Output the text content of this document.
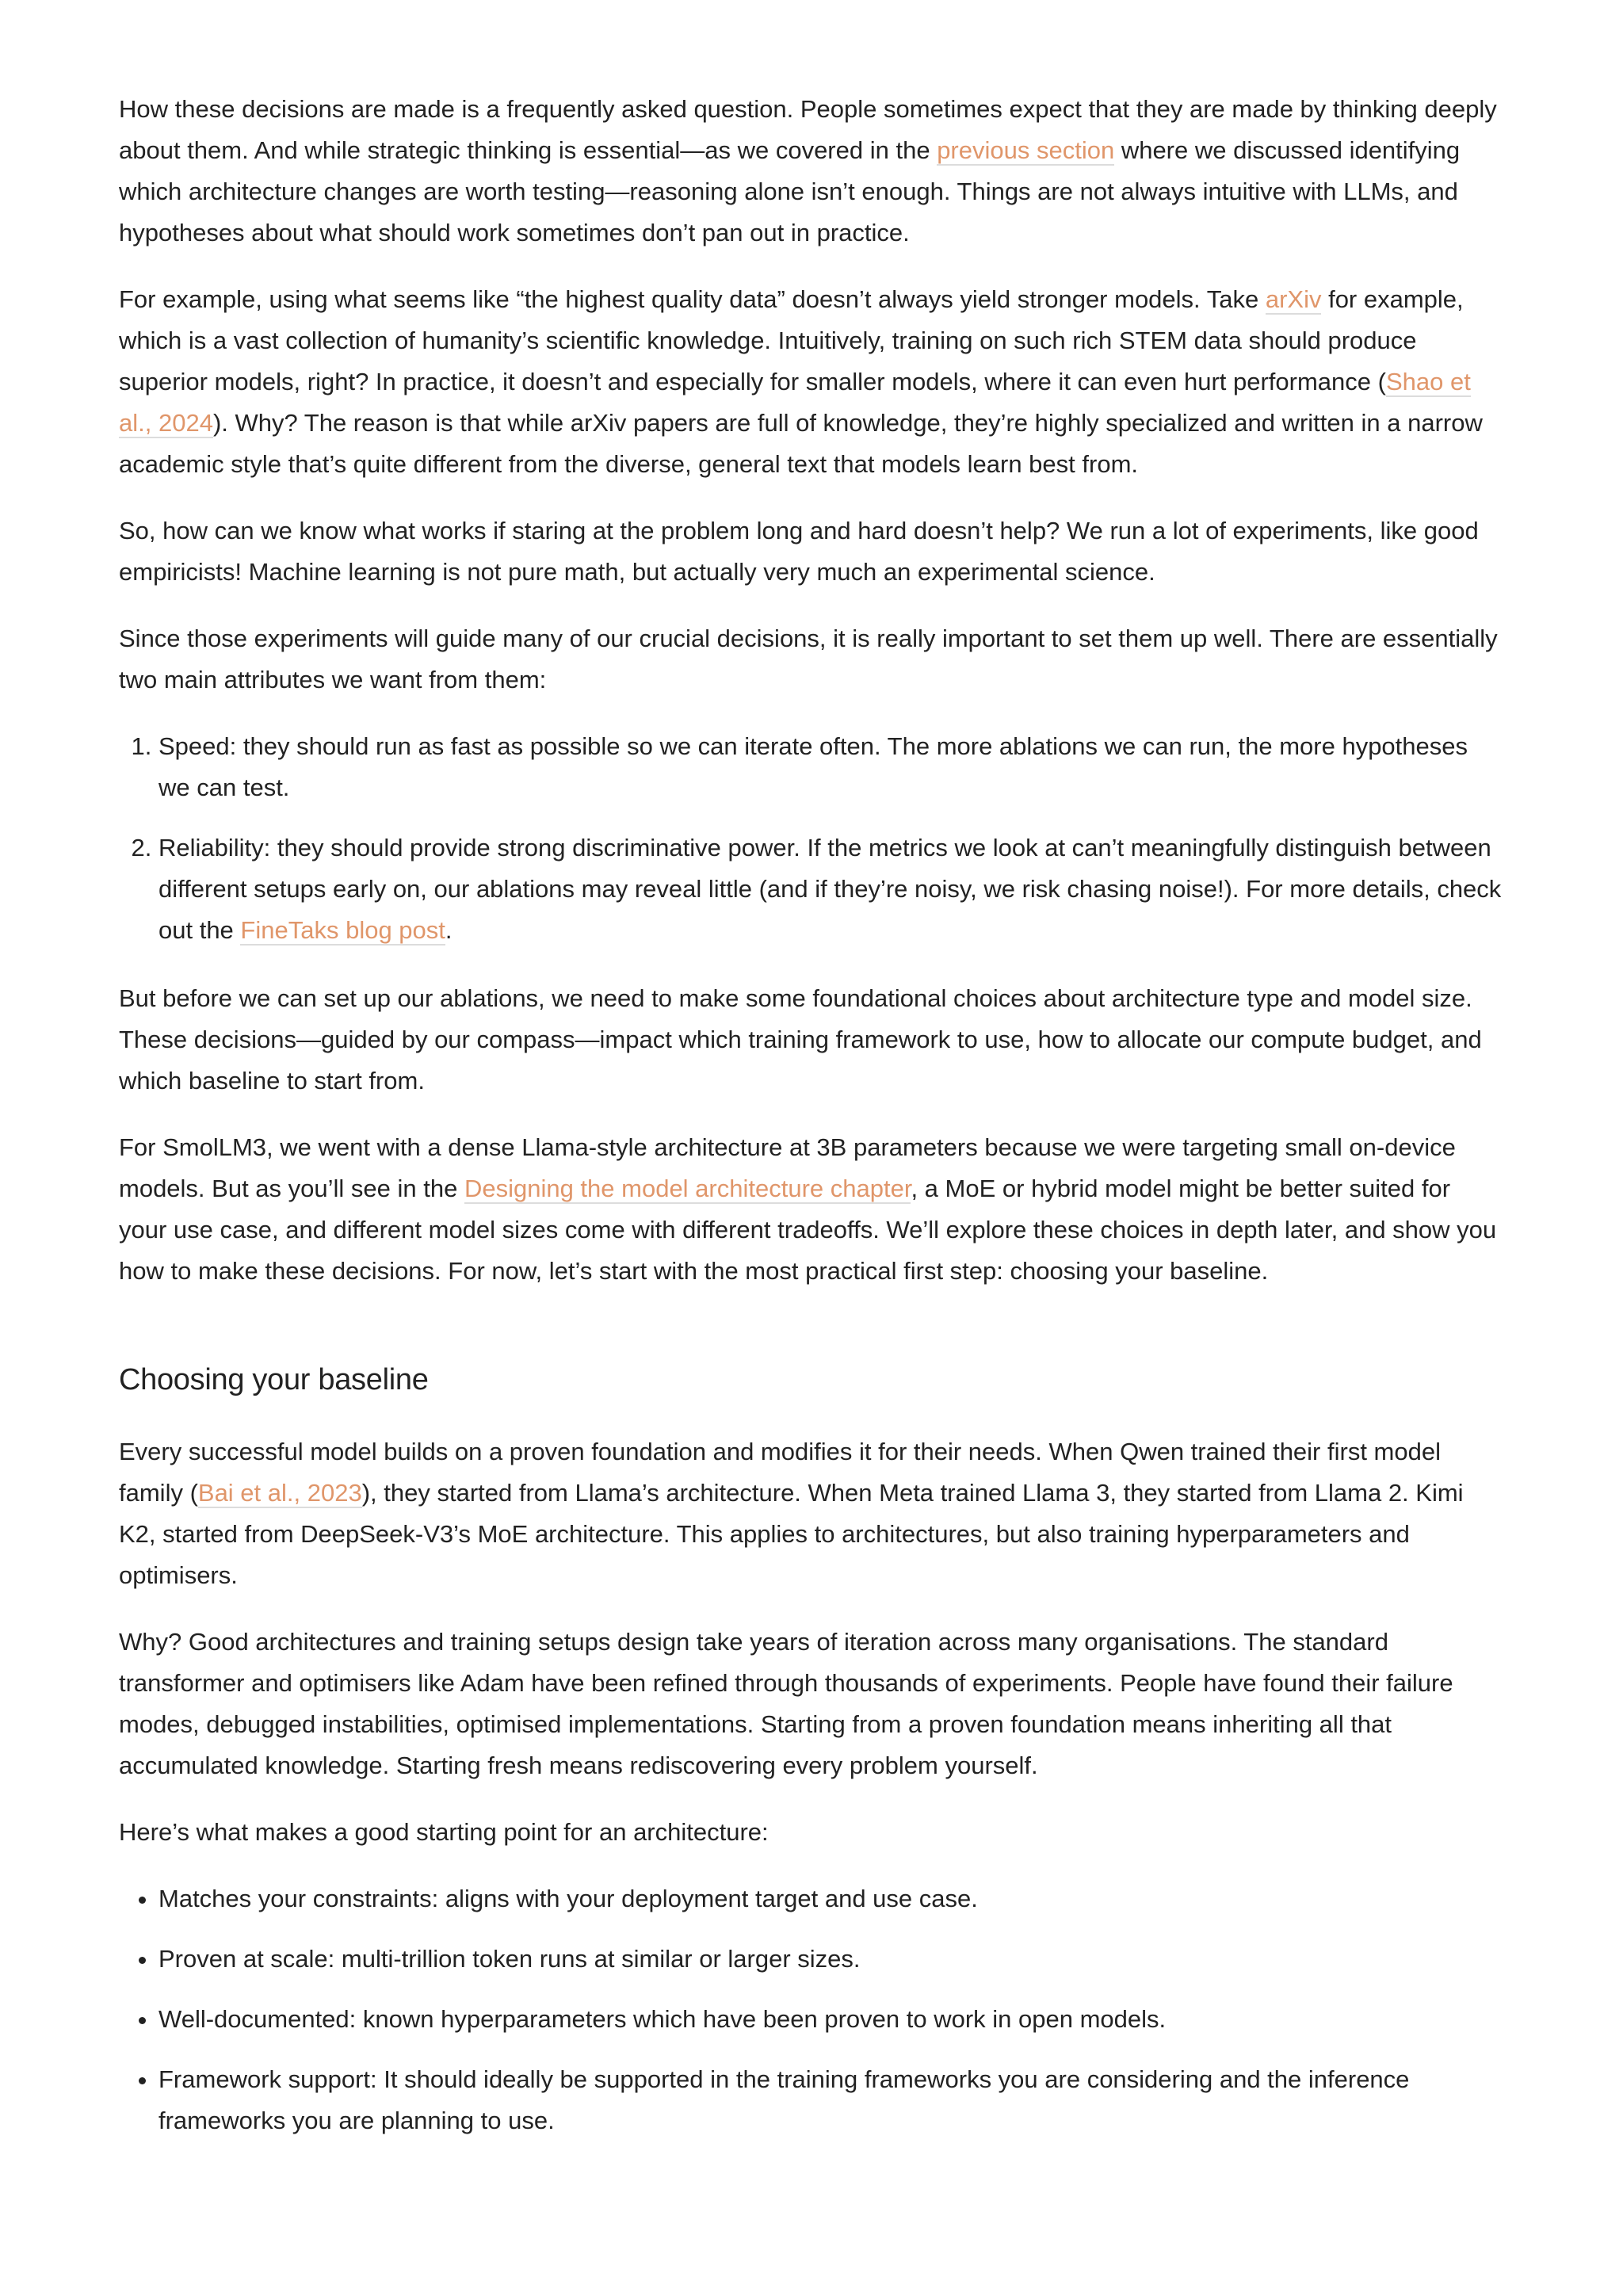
How these decisions are made is a frequently asked question. People sometimes expect that they are made by thinking deeply about them. And while strategic thinking is essential—as we covered in the previous section where we discussed identifying which architecture changes are worth testing—reasoning alone isn’t enough. Things are not always intuitive with LLMs, and hypotheses about what should work sometimes don’t pan out in practice.

For example, using what seems like “the highest quality data” doesn’t always yield stronger models. Take arXiv for example, which is a vast collection of humanity’s scientific knowledge. Intuitively, training on such rich STEM data should produce superior models, right? In practice, it doesn’t and especially for smaller models, where it can even hurt performance (Shao et al., 2024). Why? The reason is that while arXiv papers are full of knowledge, they’re highly specialized and written in a narrow academic style that’s quite different from the diverse, general text that models learn best from.

So, how can we know what works if staring at the problem long and hard doesn’t help? We run a lot of experiments, like good empiricists! Machine learning is not pure math, but actually very much an experimental science.

Since those experiments will guide many of our crucial decisions, it is really important to set them up well. There are essentially two main attributes we want from them:

1. Speed: they should run as fast as possible so we can iterate often. The more ablations we can run, the more hypotheses we can test.
2. Reliability: they should provide strong discriminative power. If the metrics we look at can’t meaningfully distinguish between different setups early on, our ablations may reveal little (and if they’re noisy, we risk chasing noise!). For more details, check out the FineTaks blog post.

But before we can set up our ablations, we need to make some foundational choices about architecture type and model size. These decisions—guided by our compass—impact which training framework to use, how to allocate our compute budget, and which baseline to start from.

For SmolLM3, we went with a dense Llama-style architecture at 3B parameters because we were targeting small on-device models. But as you’ll see in the Designing the model architecture chapter, a MoE or hybrid model might be better suited for your use case, and different model sizes come with different tradeoffs. We’ll explore these choices in depth later, and show you how to make these decisions. For now, let’s start with the most practical first step: choosing your baseline.

Choosing your baseline

Every successful model builds on a proven foundation and modifies it for their needs. When Qwen trained their first model family (Bai et al., 2023), they started from Llama’s architecture. When Meta trained Llama 3, they started from Llama 2. Kimi K2, started from DeepSeek-V3’s MoE architecture. This applies to architectures, but also training hyperparameters and optimisers.

Why? Good architectures and training setups design take years of iteration across many organisations. The standard transformer and optimisers like Adam have been refined through thousands of experiments. People have found their failure modes, debugged instabilities, optimised implementations. Starting from a proven foundation means inheriting all that accumulated knowledge. Starting fresh means rediscovering every problem yourself.

Here’s what makes a good starting point for an architecture:

• Matches your constraints: aligns with your deployment target and use case.
• Proven at scale: multi-trillion token runs at similar or larger sizes.
• Well-documented: known hyperparameters which have been proven to work in open models.
• Framework support: It should ideally be supported in the training frameworks you are considering and the inference frameworks you are planning to use.
